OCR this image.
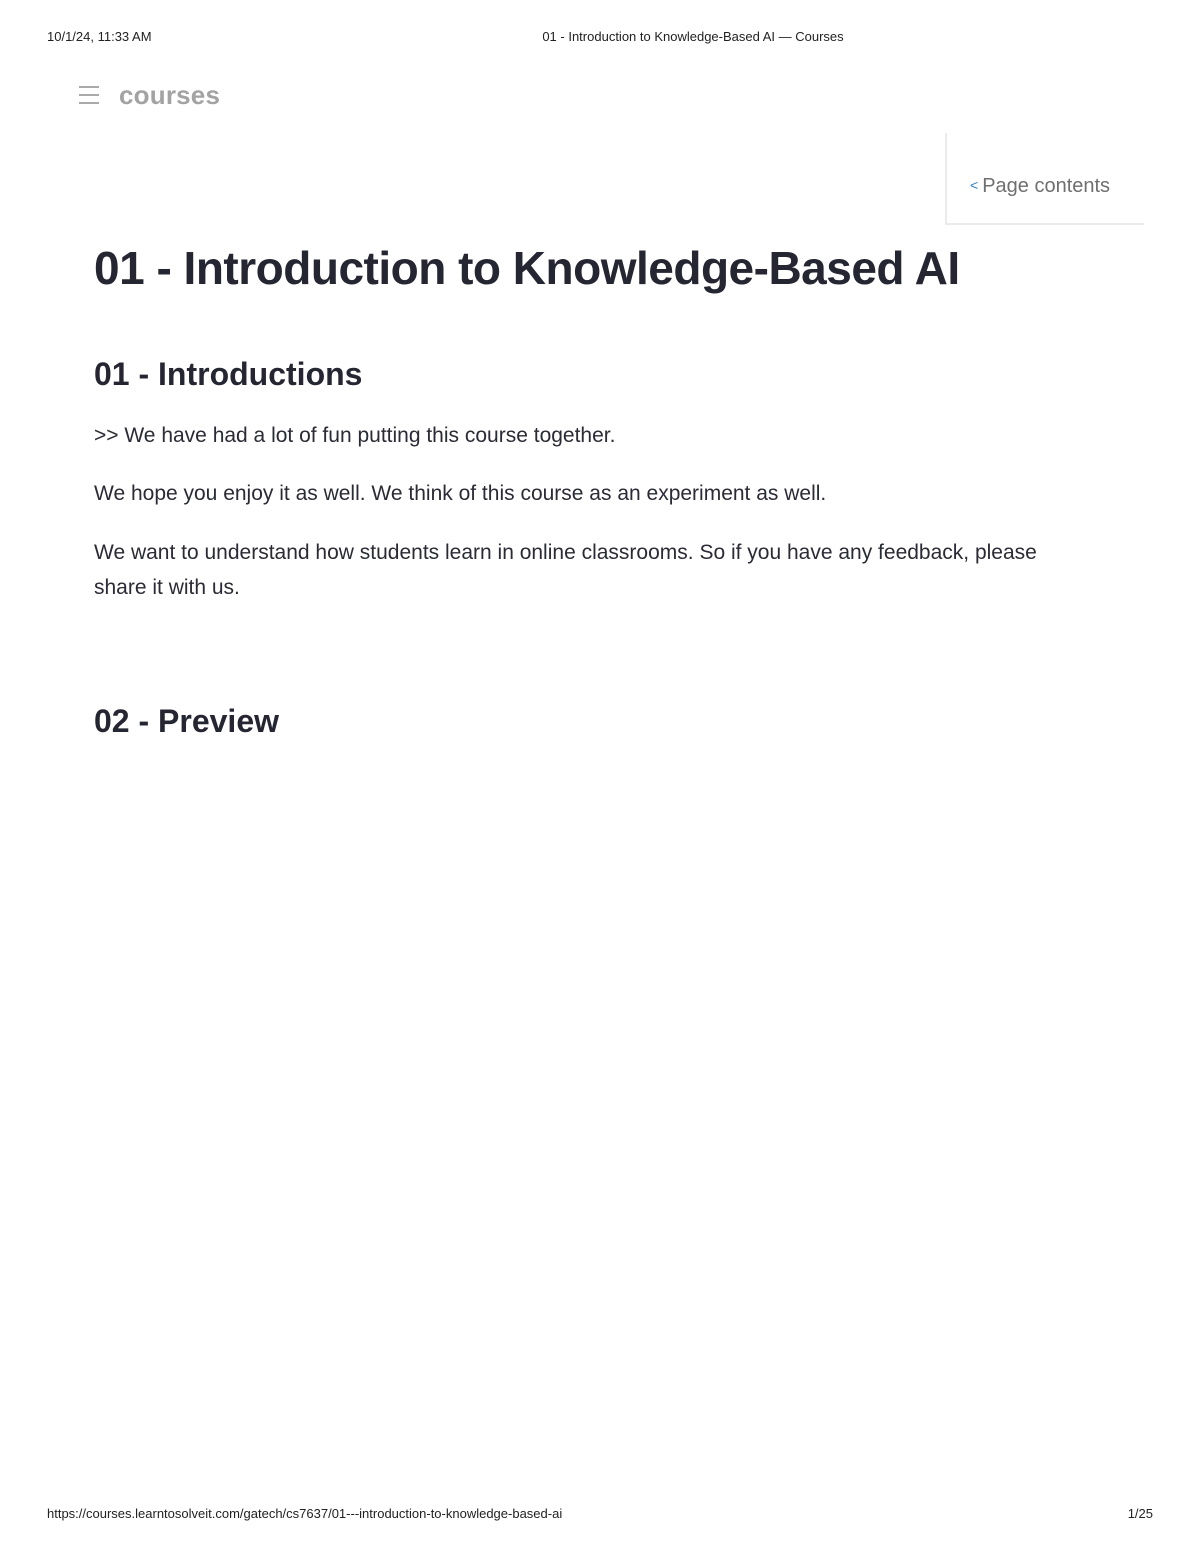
10/1/24, 11:33 AM	01 - Introduction to Knowledge-Based AI — Courses
courses
< Page contents
01 - Introduction to Knowledge-Based AI
01 - Introductions

>> We have had a lot of fun putting this course together.

We hope you enjoy it as well. We think of this course as an experiment as well.

We want to understand how students learn in online classrooms. So if you have any feedback, please share it with us.

02 - Preview
https://courses.learntosolveit.com/gatech/cs7637/01---introduction-to-knowledge-based-ai	1/25
